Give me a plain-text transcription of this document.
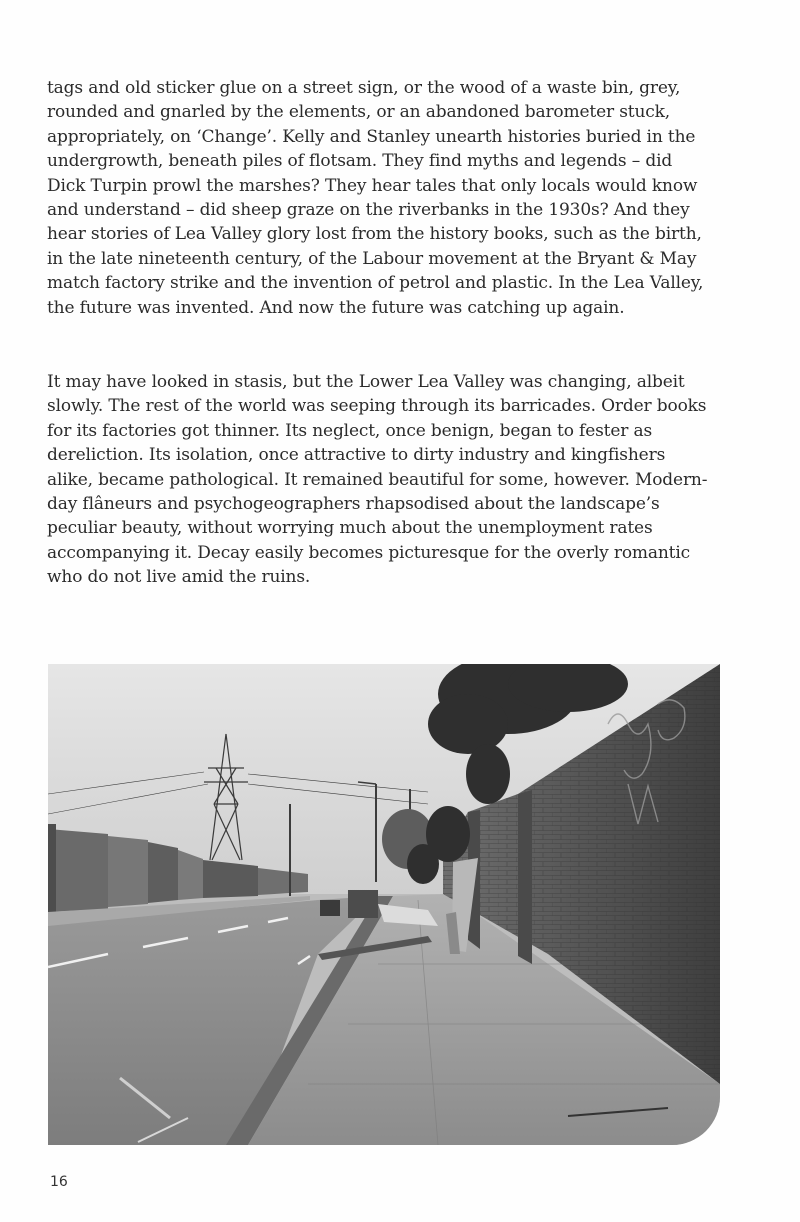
tags and old sticker glue on a street sign, or the wood of a waste bin, grey, rounded and gnarled by the elements, or an abandoned barometer stuck, appropriately, on ‘Change’. Kelly and Stanley unearth histories buried in the undergrowth, beneath piles of flotsam. They find myths and legends – did Dick Turpin prowl the marshes? They hear tales that only locals would know and understand – did sheep graze on the riverbanks in the 1930s? And they hear stories of Lea Valley glory lost from the history books, such as the birth, in the late nineteenth century, of the Labour movement at the Bryant & May match factory strike and the invention of petrol and plastic. In the Lea Valley, the future was invented. And now the future was catching up again.

It may have looked in stasis, but the Lower Lea Valley was changing, albeit slowly. The rest of the world was seeping through its barricades. Order books for its factories got thinner. Its neglect, once benign, began to fester as dereliction. Its isolation, once attractive to dirty industry and kingfishers alike, became pathological. It remained beautiful for some, however. Modern-day flâneurs and psychogeographers rhapsodised about the landscape’s peculiar beauty, without worrying much about the unemployment rates accompanying it. Decay easily becomes picturesque for the overly romantic who do not live amid the ruins.

16
